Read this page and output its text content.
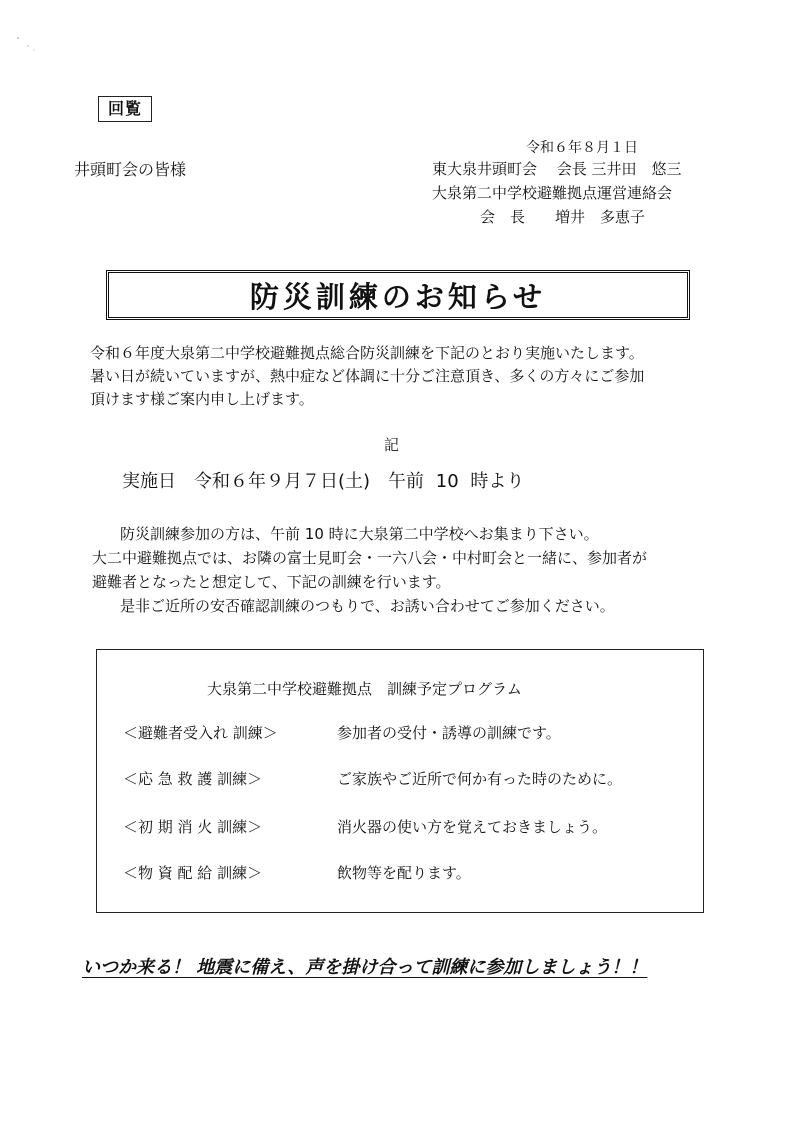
回覧
令和６年８月１日
井頭町会の皆様	東大泉井頭町会　 会長 三井田　悠三
大泉第二中学校避難拠点運営連絡会
会　長　　増井　多恵子
防災訓練のお知らせ

令和６年度大泉第二中学校避難拠点総合防災訓練を下記のとおり実施いたします。

暑い日が続いていますが、熱中症など体調に十分ご注意頂き、多くの方々にご参加

頂けます様ご案内申し上げます。

記
実施日　令和６年９月７日(土)　午前 10 時より

防災訓練参加の方は、午前 10 時に大泉第二中学校へお集まり下さい。

大二中避難拠点では、お隣の富士見町会・一六八会・中村町会と一緒に、参加者が

避難者となったと想定して、下記の訓練を行います。

是非ご近所の安否確認訓練のつもりで、お誘い合わせてご参加ください。

大泉第二中学校避難拠点　訓練予定プログラム
＜避難者受入れ 訓練＞	参加者の受付・誘導の訓練です。
＜応 急 救 護 訓練＞	ご家族やご近所で何か有った時のために。
＜初 期 消 火 訓練＞	消火器の使い方を覚えておきましょう。
＜物 資 配 給 訓練＞	飲物等を配ります。
いつか来る！ 地震に備え、声を掛け合って訓練に参加しましょう！！
